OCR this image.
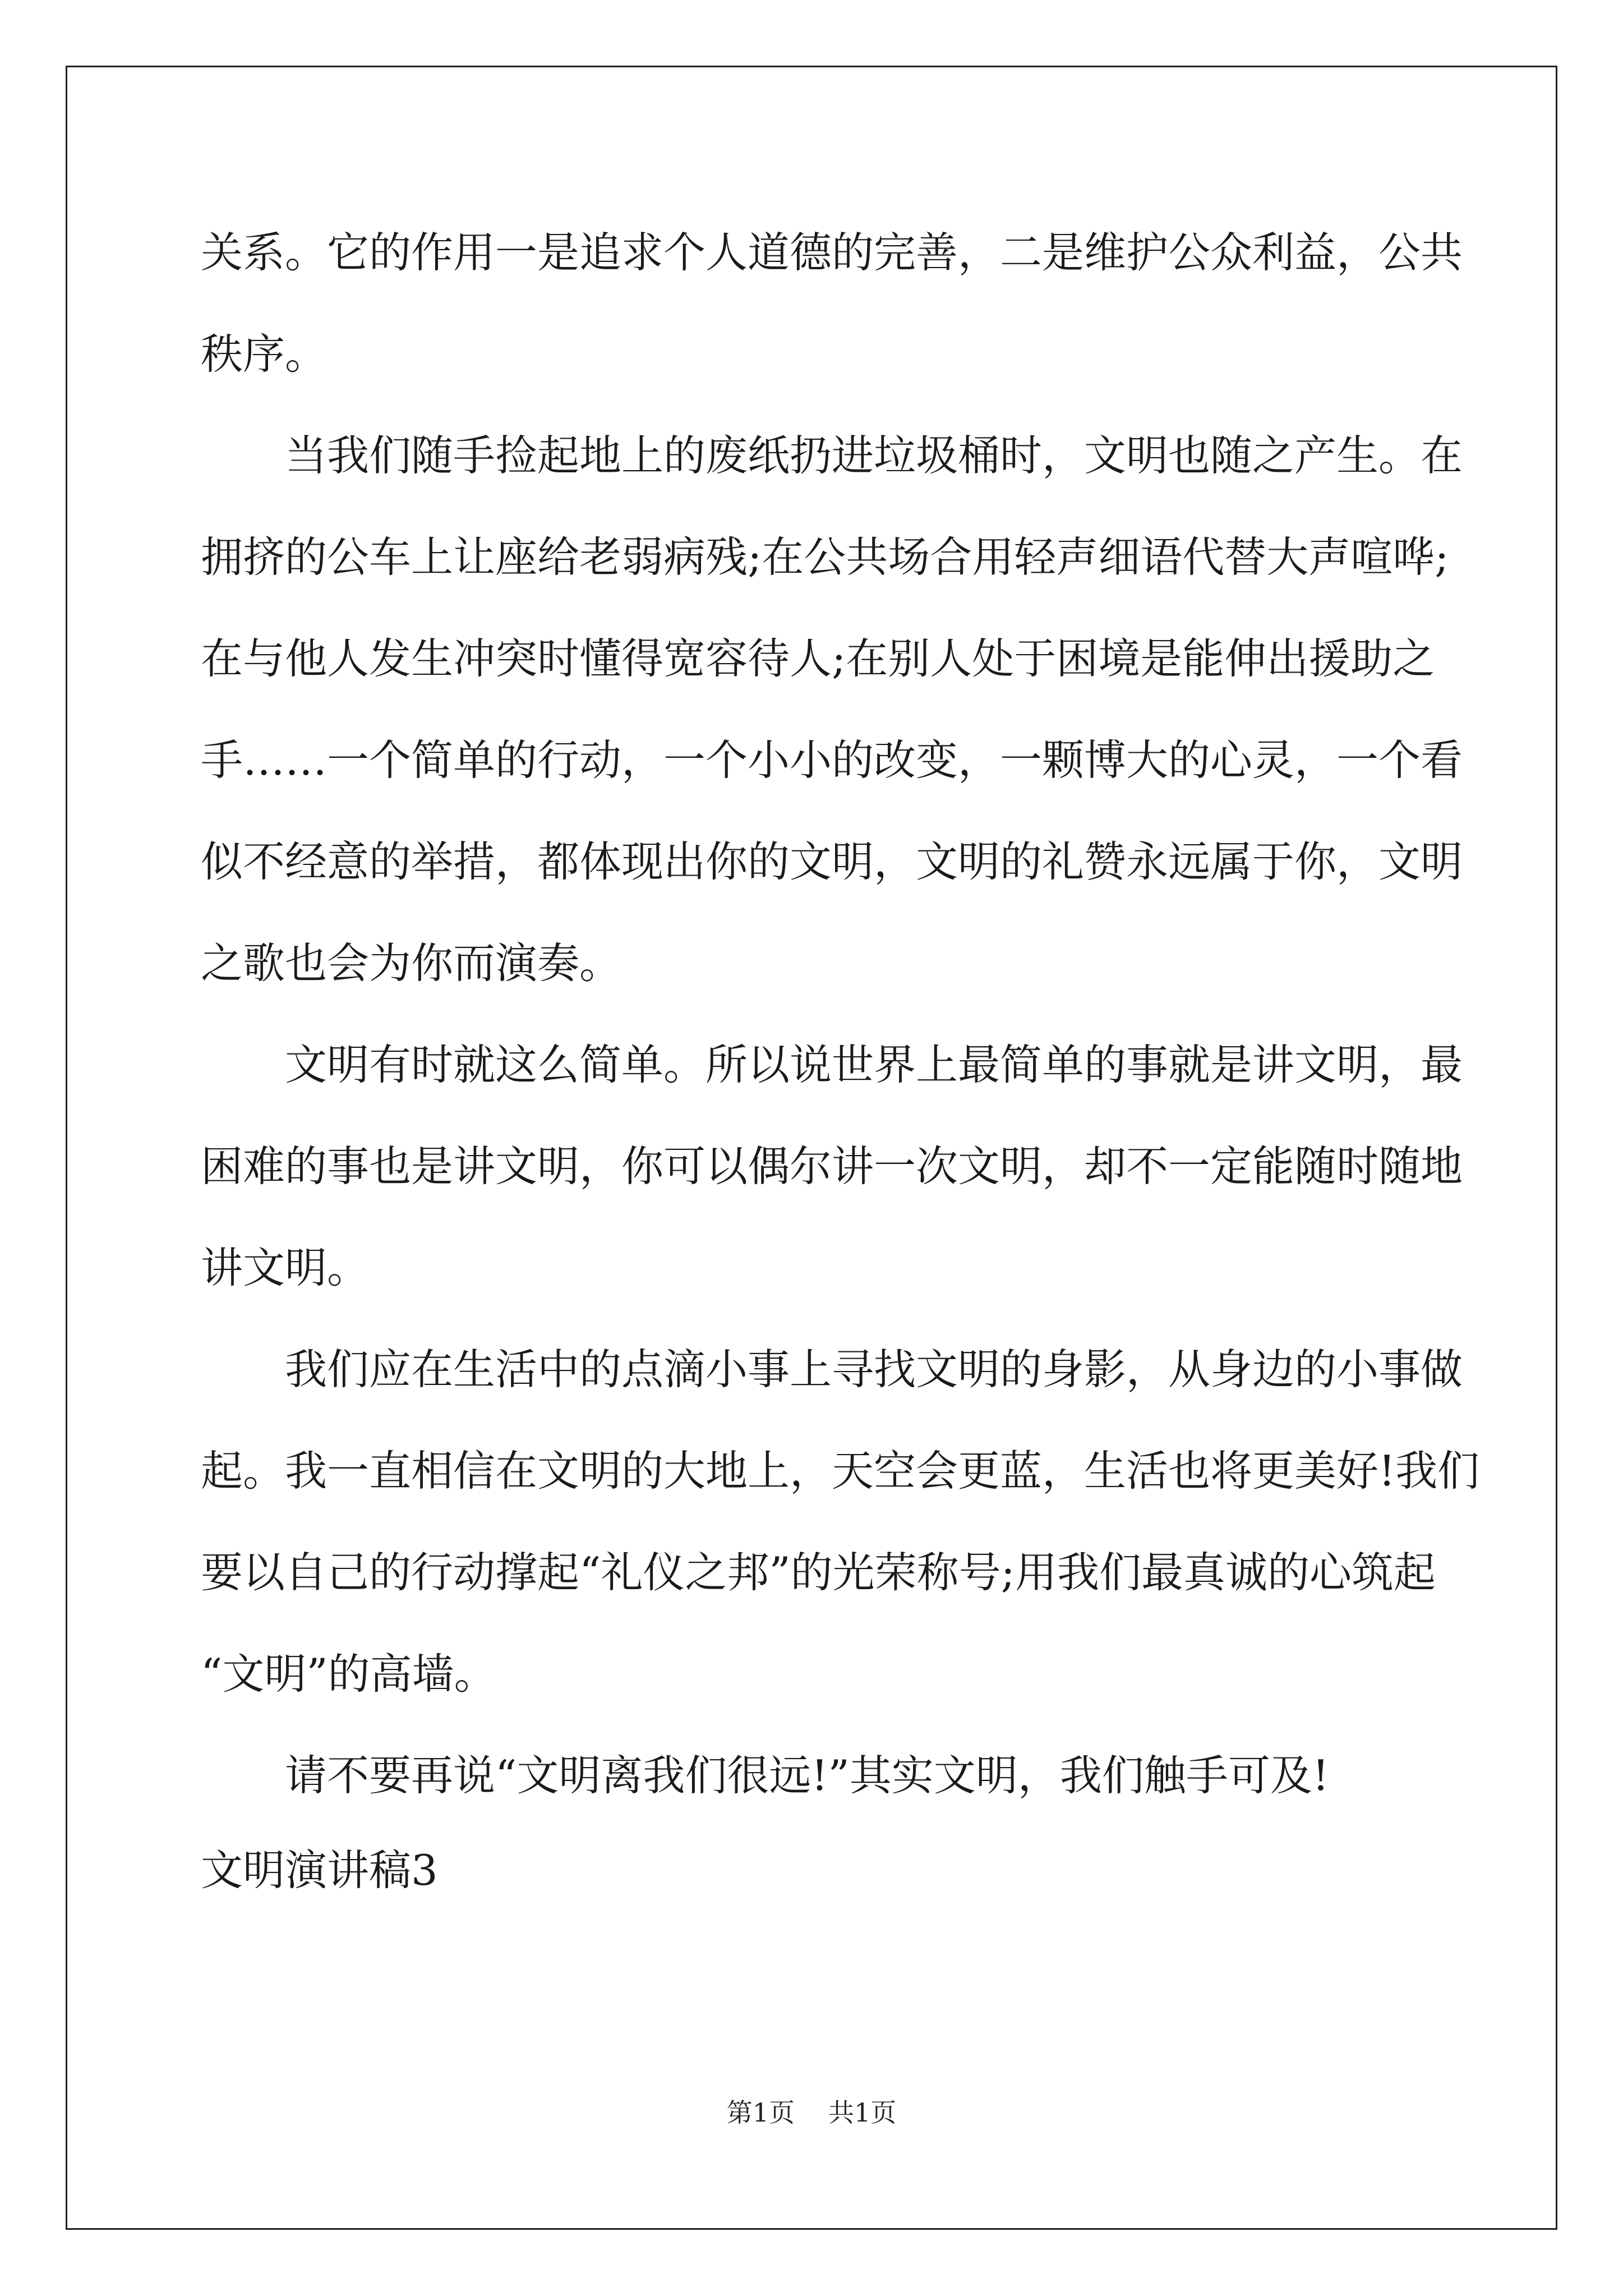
关系。它的作用一是追求个人道德的完善，二是维护公众利益，公共
秩序。
当我们随手捡起地上的废纸扔进垃圾桶时，文明也随之产生。在
拥挤的公车上让座给老弱病残;在公共场合用轻声细语代替大声喧哗;
在与他人发生冲突时懂得宽容待人;在别人处于困境是能伸出援助之
手……一个简单的行动，一个小小的改变，一颗博大的心灵，一个看
似不经意的举措，都体现出你的文明，文明的礼赞永远属于你，文明
之歌也会为你而演奏。
文明有时就这么简单。所以说世界上最简单的事就是讲文明，最
困难的事也是讲文明，你可以偶尔讲一次文明，却不一定能随时随地
讲文明。
我们应在生活中的点滴小事上寻找文明的身影，从身边的小事做
起。我一直相信在文明的大地上，天空会更蓝，生活也将更美好!我们
要以自己的行动撑起“礼仪之邦”的光荣称号;用我们最真诚的心筑起
“文明”的高墙。
请不要再说“文明离我们很远!”其实文明，我们触手可及!
文明演讲稿3
第1页 共1页
